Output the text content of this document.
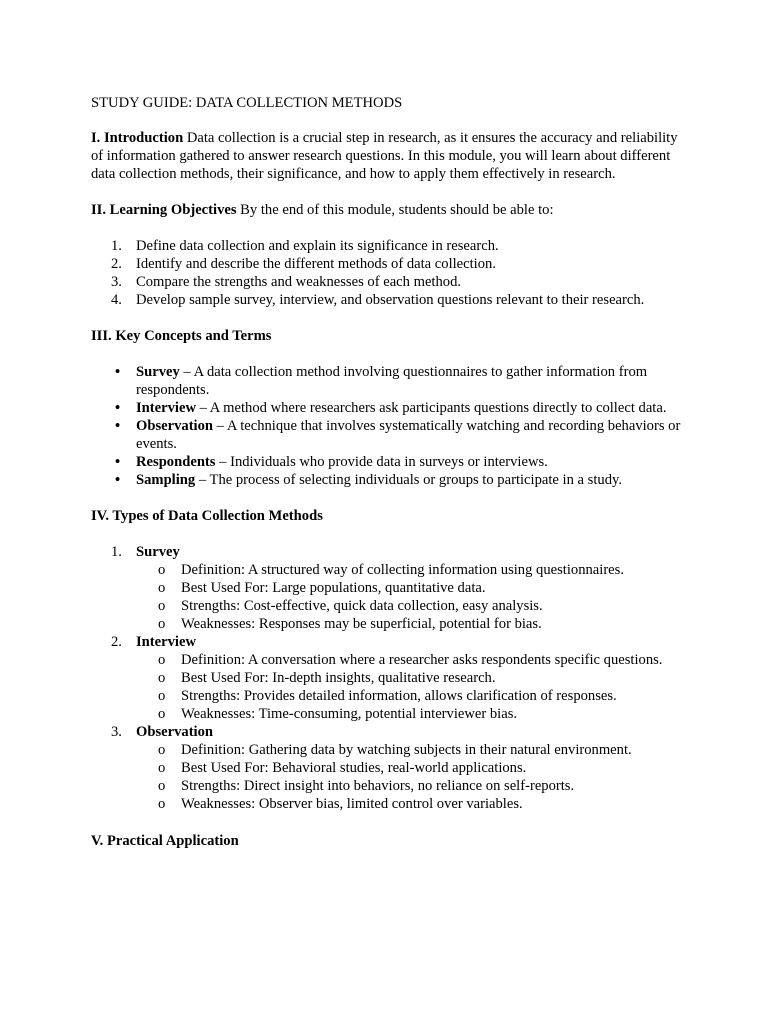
STUDY GUIDE: DATA COLLECTION METHODS

I. Introduction Data collection is a crucial step in research, as it ensures the accuracy and reliability of information gathered to answer research questions. In this module, you will learn about different data collection methods, their significance, and how to apply them effectively in research.

II. Learning Objectives By the end of this module, students should be able to:

1. Define data collection and explain its significance in research.
2. Identify and describe the different methods of data collection.
3. Compare the strengths and weaknesses of each method.
4. Develop sample survey, interview, and observation questions relevant to their research.
III. Key Concepts and Terms
• Survey – A data collection method involving questionnaires to gather information from respondents.
• Interview – A method where researchers ask participants questions directly to collect data.
• Observation – A technique that involves systematically watching and recording behaviors or events.
• Respondents – Individuals who provide data in surveys or interviews.
• Sampling – The process of selecting individuals or groups to participate in a study.
IV. Types of Data Collection Methods
1. Survey
o Definition: A structured way of collecting information using questionnaires.
o Best Used For: Large populations, quantitative data.
o Strengths: Cost-effective, quick data collection, easy analysis.
o Weaknesses: Responses may be superficial, potential for bias.
2. Interview
o Definition: A conversation where a researcher asks respondents specific questions.
o Best Used For: In-depth insights, qualitative research.
o Strengths: Provides detailed information, allows clarification of responses.
o Weaknesses: Time-consuming, potential interviewer bias.
3. Observation
o Definition: Gathering data by watching subjects in their natural environment.
o Best Used For: Behavioral studies, real-world applications.
o Strengths: Direct insight into behaviors, no reliance on self-reports.
o Weaknesses: Observer bias, limited control over variables.
V. Practical Application
